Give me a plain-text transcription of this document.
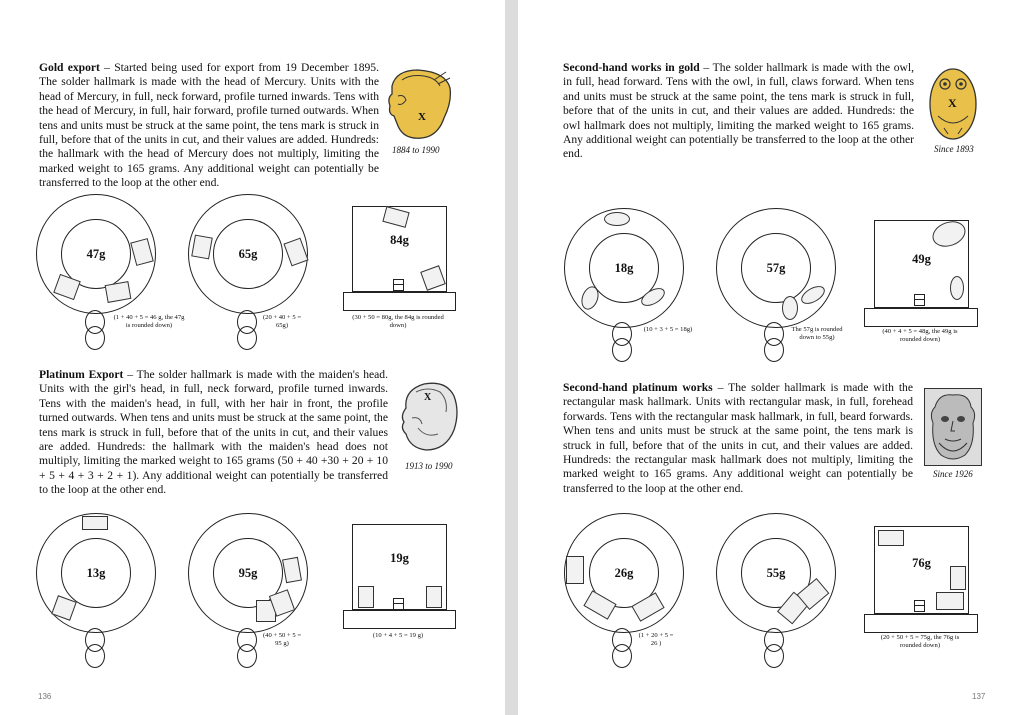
Gold export – Started being used for export from 19 December 1895. The solder hallmark is made with the head of Mercury. Units with the head of Mercury, in full, neck forward, profile turned inwards. Tens with the head of Mercury, in full, hair forward, profile turned outwards. When tens and units must be struck at the same point, the tens mark is struck in full, before that of the units in cut, and their values are added. Hundreds: the hallmark with the head of Mercury does not multiply, limiting the marked weight to 165 grams. Any additional weight can potentially be transferred to the loop at the other end.

X
1884 to 1990
47g
(1 + 40 + 5 = 46 g, the 47g is rounded down)
65g
(20 + 40 + 5 = 65g)
84g
(30 + 50 = 80g, the 84g is rounded down)

Platinum Export – The solder hallmark is made with the maiden's head. Units with the girl's head, in full, neck forward, profile turned inwards. Tens with the maiden's head, in full, with her hair in front, the profile turned outwards. When tens and units must be struck at the same point, the tens mark is struck in full, before that of the units in cut, and their values are added. Hundreds: the hallmark with the maiden's head does not multiply, limiting the marked weight to 165 grams (50 + 40 +30 + 20 + 10 + 5 + 4 + 3 + 2 + 1). Any additional weight can potentially be transferred to the loop at the other end.

X
1913 to 1990
13g	95g
(40 + 50 + 5 = 95 g)
19g
(10 + 4 + 5 = 19 g)
136

Second-hand works in gold – The solder hallmark is made with the owl, in full, head forward. Tens with the owl, in full, claws forward. When tens and units must be struck at the same point, the tens mark is struck in full, before that of the units in cut, and their values are added. Hundreds: the owl hallmark does not multiply, limiting the marked weight to 165 grams. Any additional weight can potentially be transferred to the loop at the other end.

X
Since 1893
18g
(10 + 3 + 5 = 18g)
57g
The 57g is rounded down to 55g)
49g
(40 + 4 + 5 = 48g, the 49g is rounded down)

Second-hand platinum works – The solder hallmark is made with the rectangular mask hallmark. Units with rectangular mask, in full, forehead forwards. Tens with the rectangular mask hallmark, in full, beard forwards. When tens and units must be struck at the same point, the tens mark is struck in full, before that of the units in cut, and their values are added. Hundreds: the rectangular mask hallmark does not multiply, limiting the marked weight to 165 grams. Any additional weight can potentially be transferred to the loop at the other end.

Since 1926
26g
(1 + 20 + 5 = 26 )
55g
76g
(20 + 50 + 5 = 75g, the 76g is rounded down)
137
